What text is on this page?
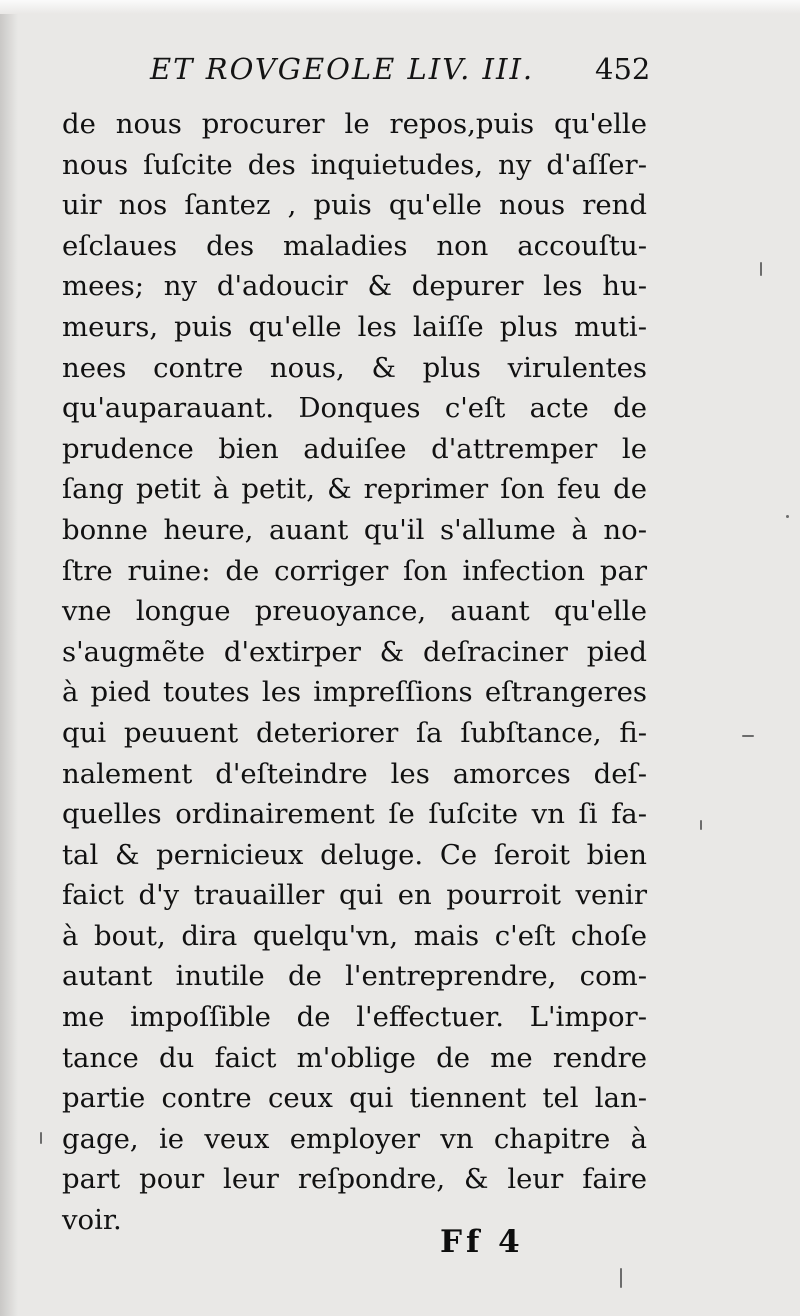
ET ROVGEOLE LIV. III. 452
de nous procurer le repos,puis qu'elle
nous ſuſcite des inquietudes, ny d'aſſer-
uir nos ſantez , puis qu'elle nous rend
eſclaues des maladies non accouſtu-
mees; ny d'adoucir & depurer les hu-
meurs, puis qu'elle les laiſſe plus muti-
nees contre nous, & plus virulentes
qu'auparauant. Donques c'eſt acte de
prudence bien aduiſee d'attremper le
ſang petit à petit, & reprimer ſon feu de
bonne heure, auant qu'il s'allume à no-
ſtre ruine: de corriger ſon infection par
vne longue preuoyance, auant qu'elle
s'augmẽte d'extirper & deſraciner pied
à pied toutes les impreſſions eſtrangeres
qui peuuent deteriorer ſa ſubſtance, fi-
nalement d'eſteindre les amorces deſ-
quelles ordinairement ſe ſuſcite vn ſi fa-
tal & pernicieux deluge. Ce ſeroit bien
faict d'y trauailler qui en pourroit venir
à bout, dira quelqu'vn, mais c'eſt choſe
autant inutile de l'entreprendre, com-
me impoſſible de l'effectuer. L'impor-
tance du faict m'oblige de me rendre
partie contre ceux qui tiennent tel lan-
gage, ie veux employer vn chapitre à
part pour leur reſpondre, & leur faire
voir.
Ff 4
